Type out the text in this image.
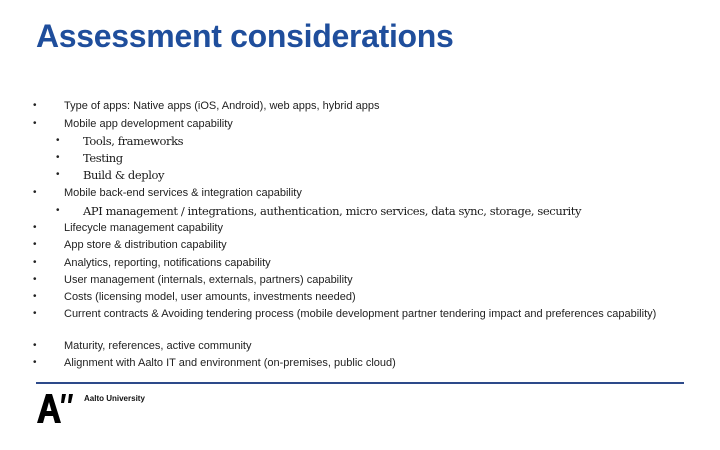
Assessment considerations
• Type of apps: Native apps (iOS, Android), web apps, hybrid apps
• Mobile app development capability
• Tools, frameworks
• Testing
• Build & deploy
• Mobile back-end services & integration capability
• API management / integrations, authentication, micro services, data sync, storage, security
• Lifecycle management capability
• App store & distribution capability
• Analytics, reporting, notifications capability
• User management (internals, externals, partners) capability
• Costs (licensing model, user amounts, investments needed)
• Current contracts & Avoiding tendering process (mobile development partner tendering impact and preferences capability)
• Maturity, references, active community
• Alignment with Aalto IT and environment (on-premises, public cloud)
Aalto University
